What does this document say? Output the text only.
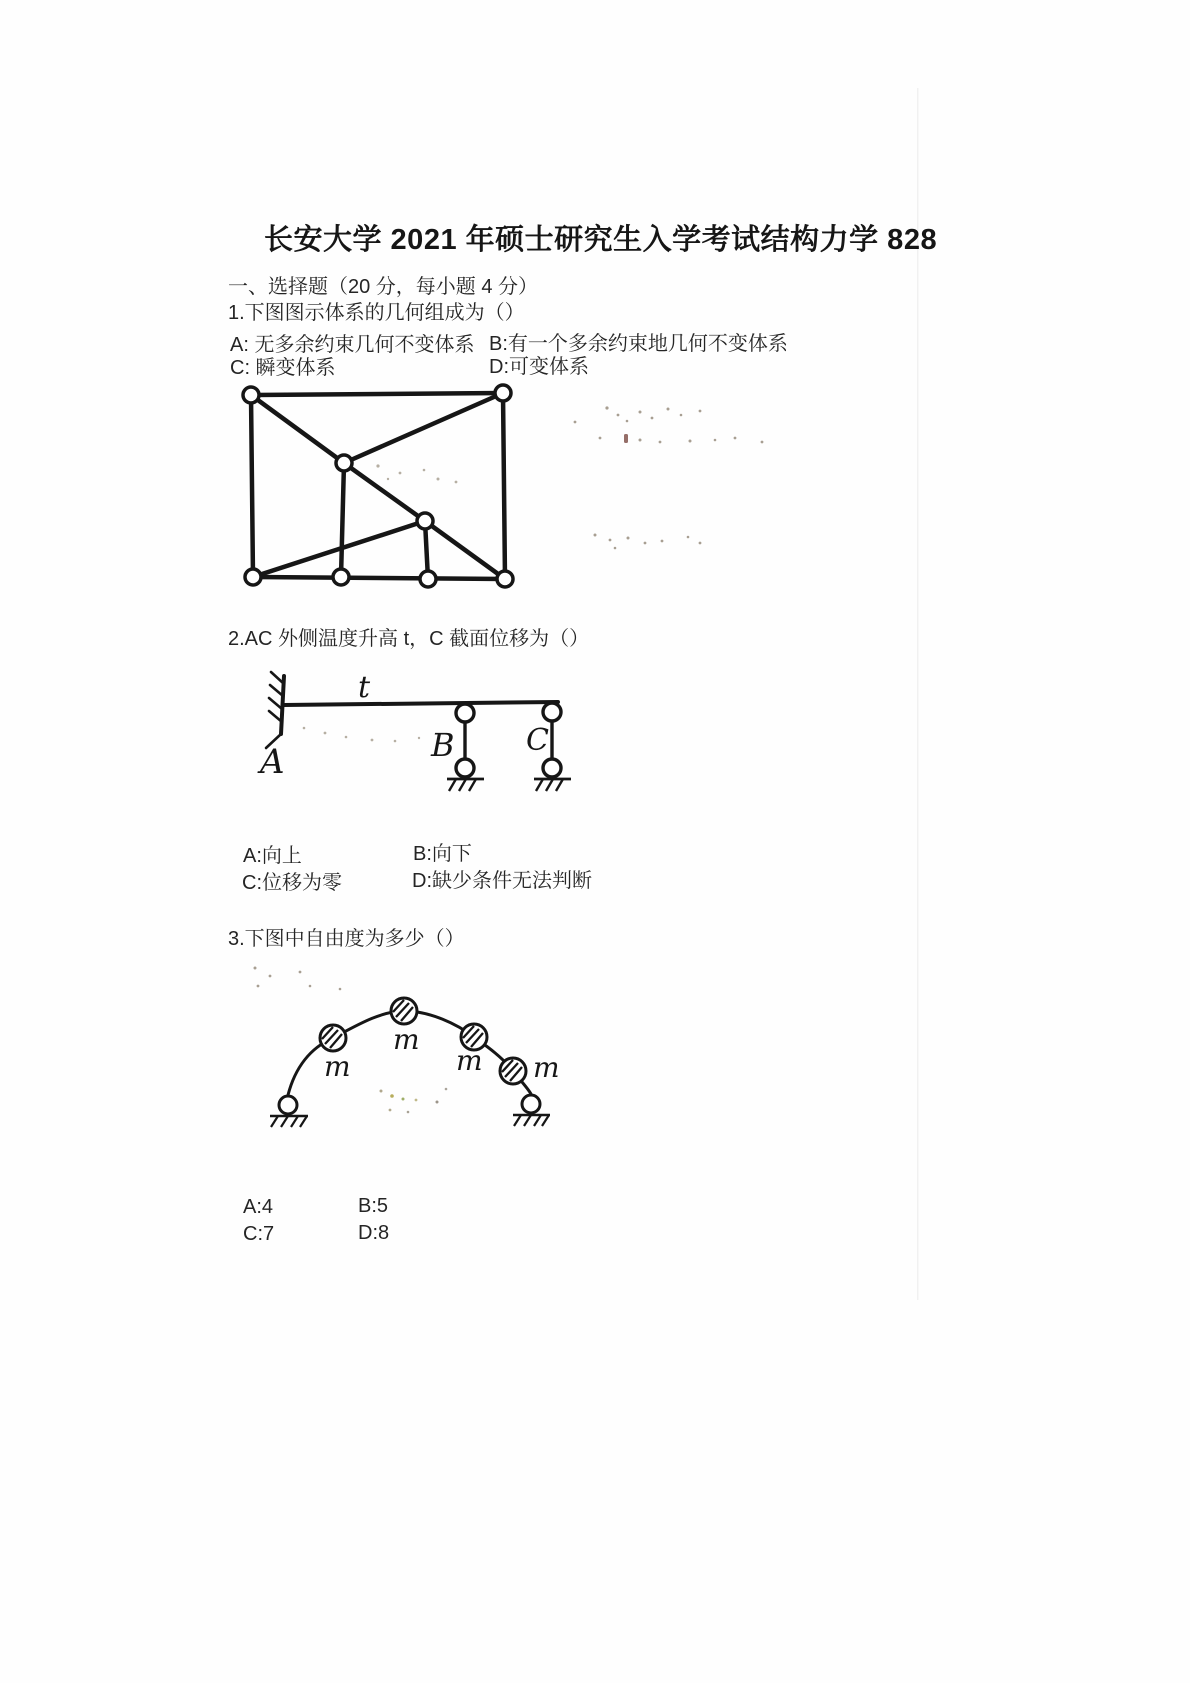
长安大学 2021 年硕士研究生入学考试结构力学 828
一、选择题（20 分，每小题 4 分）
1.下图图示体系的几何组成为（）
A: 无多余约束几何不变体系 B:有一个多余约束地几何不变体系
C: 瞬变体系	D:可变体系
2.AC 外侧温度升高 t，C 截面位移为（）
t
A	B C
A:向上	B:向下
C:位移为零	D:缺少条件无法判断
3.下图中自由度为多少（）
m
m
m m
A:4	B:5
C:7	D:8
